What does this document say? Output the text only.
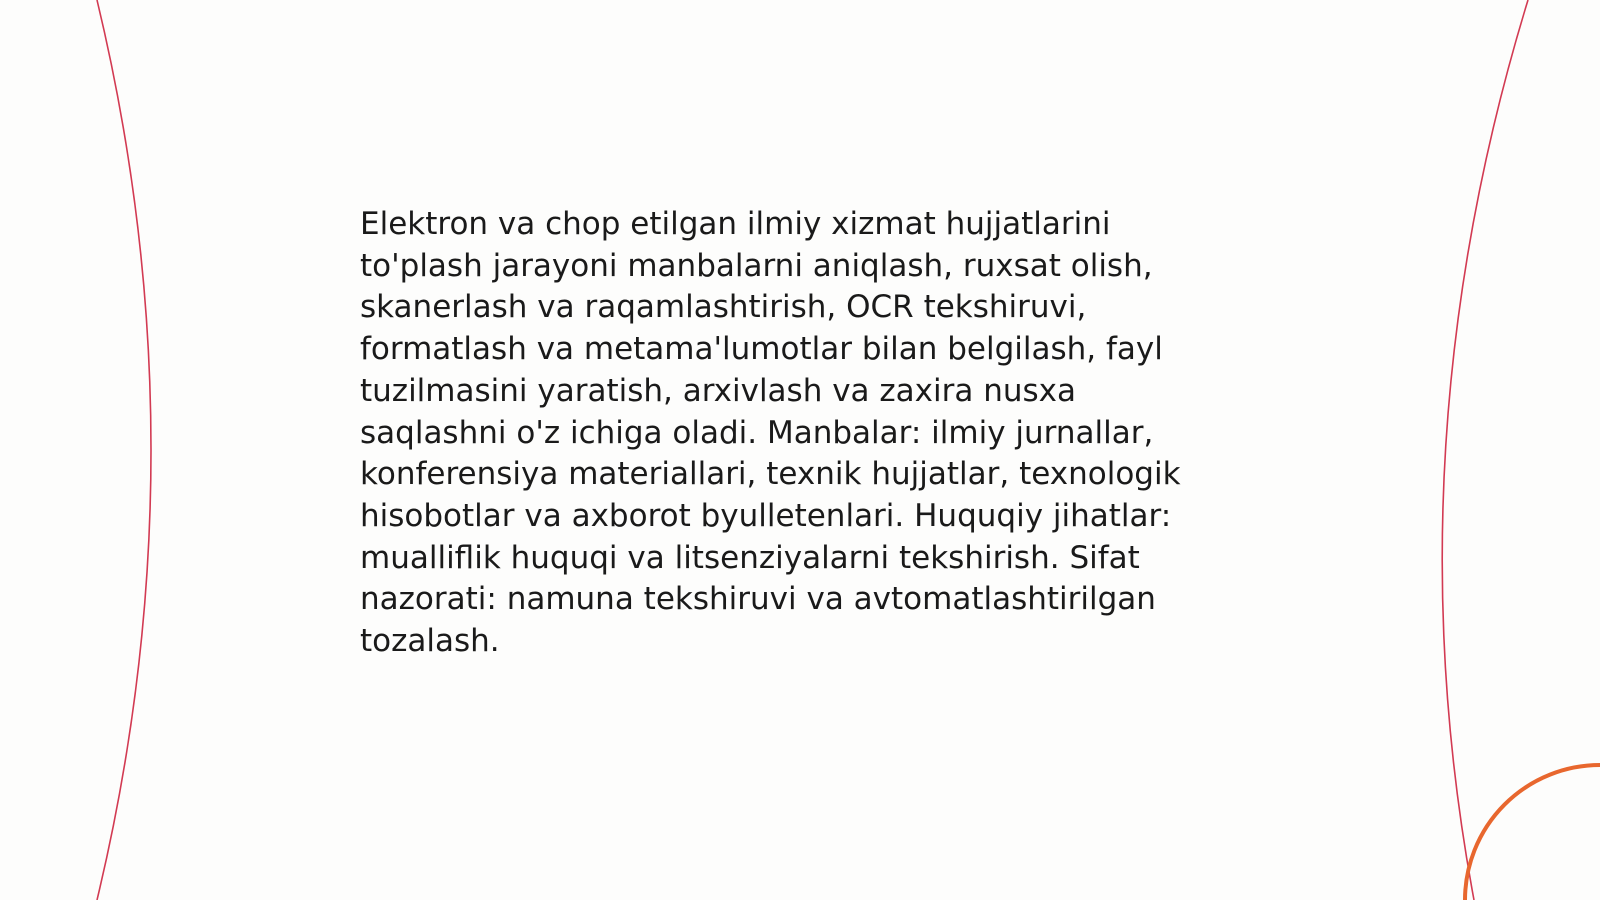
Elektron va chop etilgan ilmiy xizmat hujjatlarini
to'plash jarayoni manbalarni aniqlash, ruxsat olish,
skanerlash va raqamlashtirish, OCR tekshiruvi,
formatlash va metama'lumotlar bilan belgilash, fayl
tuzilmasini yaratish, arxivlash va zaxira nusxa
saqlashni o'z ichiga oladi. Manbalar: ilmiy jurnallar,
konferensiya materiallari, texnik hujjatlar, texnologik
hisobotlar va axborot byulletenlari. Huquqiy jihatlar:
mualliflik huquqi va litsenziyalarni tekshirish. Sifat
nazorati: namuna tekshiruvi va avtomatlashtirilgan
tozalash.
